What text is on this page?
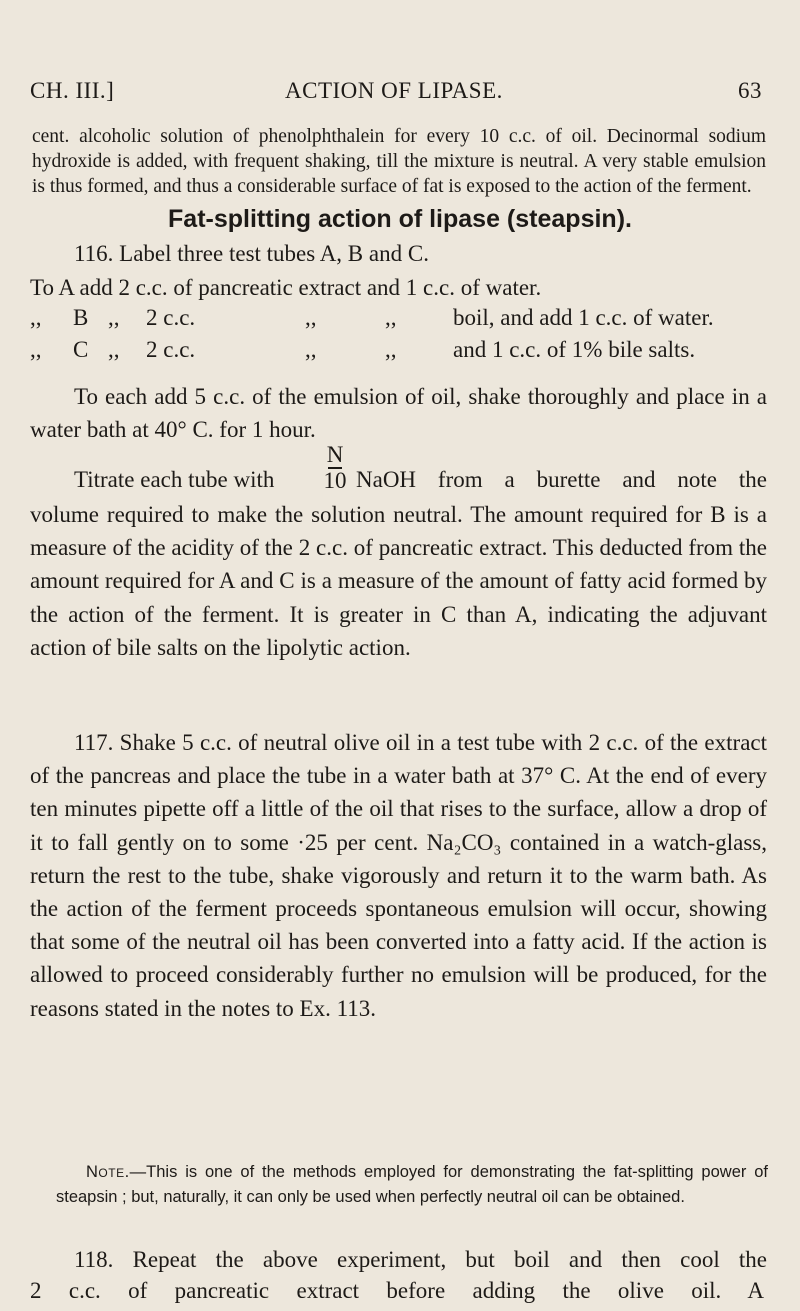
CH. III.]	ACTION OF LIPASE.	63
cent. alcoholic solution of phenolphthalein for every 10 c.c. of oil. Decinormal sodium hydroxide is added, with frequent shaking, till the mixture is neutral. A very stable emulsion is thus formed, and thus a considerable surface of fat is exposed to the action of the ferment.
Fat-splitting action of lipase (steapsin).
116. Label three test tubes A, B and C.
To A add 2 c.c. of pancreatic extract and 1 c.c. of water.
,, B ,, 2 c.c.	,,	,, boil, and add 1 c.c. of water.
,, C ,, 2 c.c.	,,	,, and 1 c.c. of 1% bile salts.
To each add 5 c.c. of the emulsion of oil, shake thoroughly and place in a water bath at 40° C. for 1 hour.
Titrate each tube with
N
10 NaOH from a burette and note the
volume required to make the solution neutral. The amount required for B is a measure of the acidity of the 2 c.c. of pancreatic extract. This deducted from the amount required for A and C is a measure of the amount of fatty acid formed by the action of the ferment. It is greater in C than A, indicating the adjuvant action of bile salts on the lipolytic action.
117. Shake 5 c.c. of neutral olive oil in a test tube with 2 c.c. of the extract of the pancreas and place the tube in a water bath at 37° C. At the end of every ten minutes pipette off a little of the oil that rises to the surface, allow a drop of it to fall gently on to some ·25 per cent. Na₂CO₃ contained in a watch-glass, return the rest to the tube, shake vigorously and return it to the warm bath. As the action of the ferment proceeds spontaneous emulsion will occur, showing that some of the neutral oil has been converted into a fatty acid. If the action is allowed to proceed considerably further no emulsion will be produced, for the reasons stated in the notes to Ex. 113.
Note.—This is one of the methods employed for demonstrating the fat-splitting power of steapsin ; but, naturally, it can only be used when perfectly neutral oil can be obtained.
118. Repeat the above experiment, but boil and then cool the
2 c.c. of pancreatic extract before adding the olive oil. A
